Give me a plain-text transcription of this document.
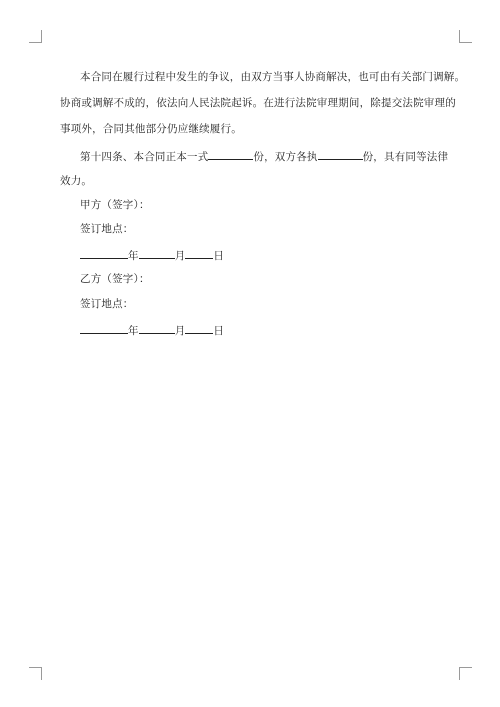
本合同在履行过程中发生的争议，由双方当事人协商解决，也可由有关部门调解。
协商或调解不成的，依法向人民法院起诉。在进行法院审理期间，除提交法院审理的
事项外，合同其他部分仍应继续履行。
第十四条、本合同正本一式	份，双方各执	份，具有同等法律
效力。
甲方（签字）：
签订地点：
年	月	日
乙方（签字）：
签订地点：
年	月	日
